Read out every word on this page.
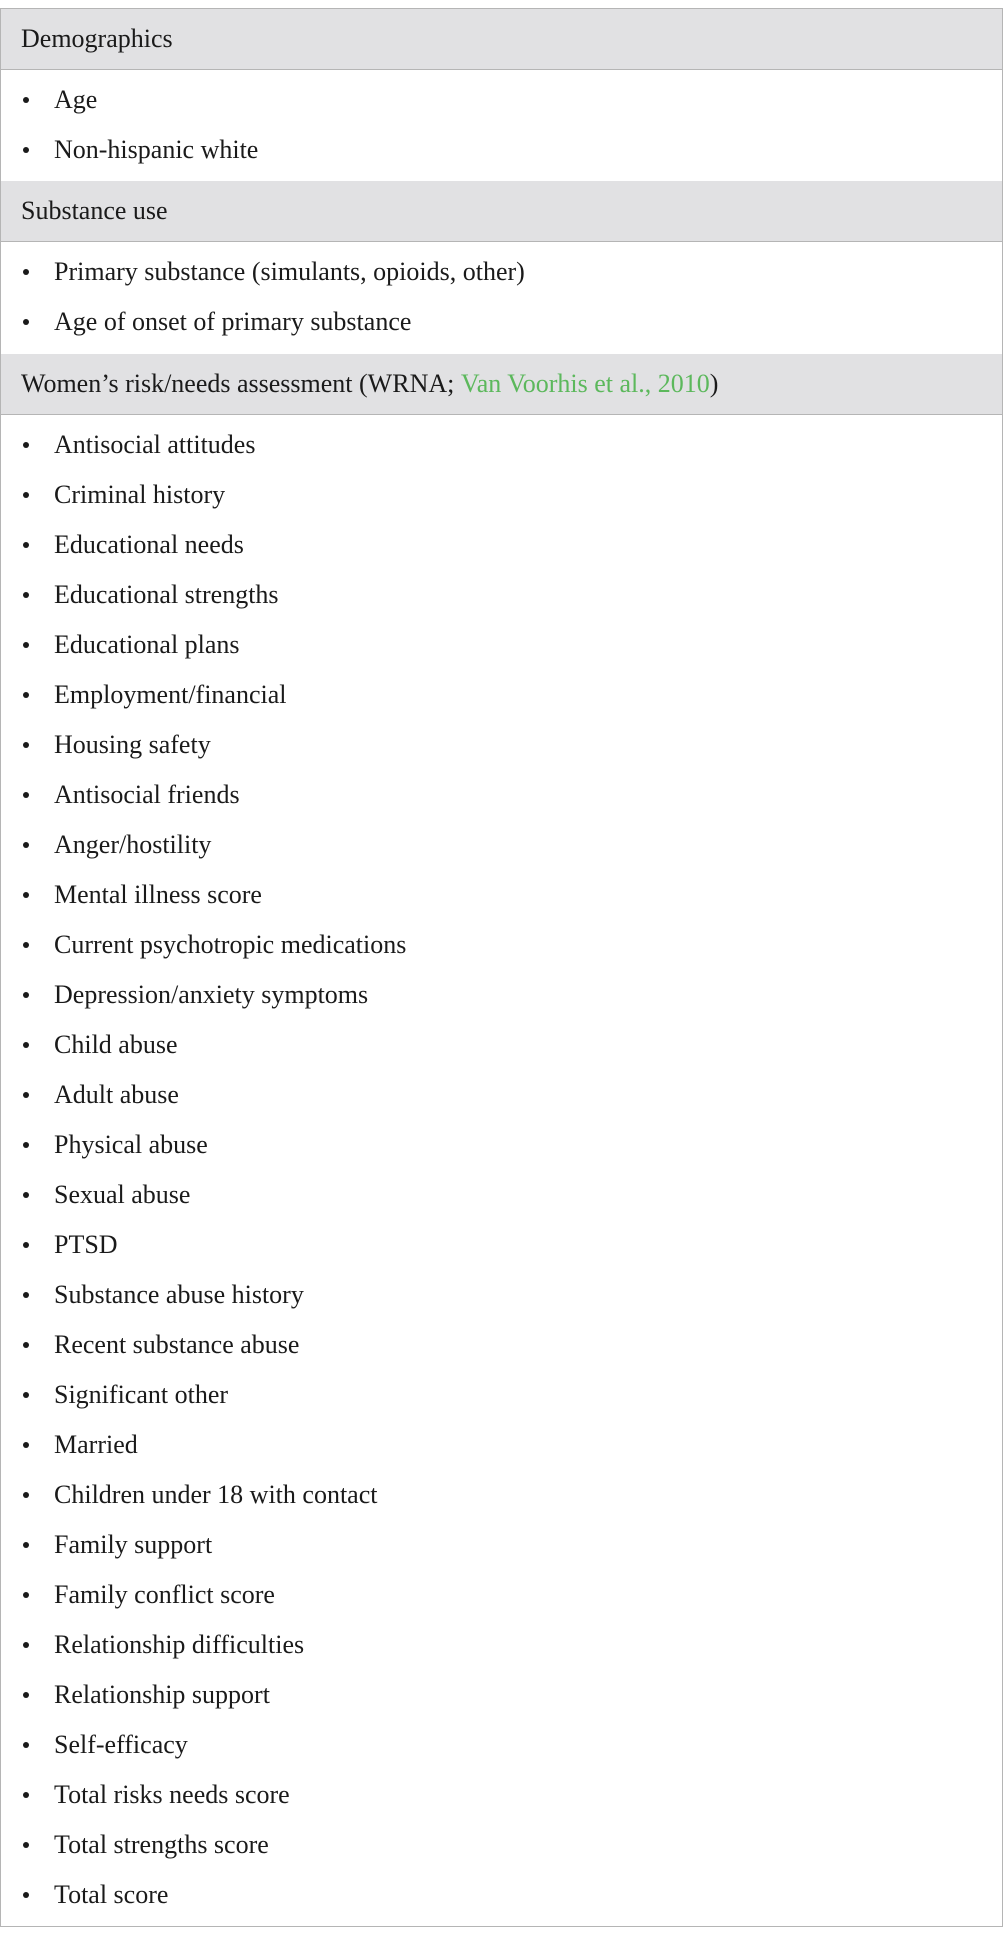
Demographics
Age
Non-hispanic white
Substance use
Primary substance (simulants, opioids, other)
Age of onset of primary substance
Women’s risk/needs assessment (WRNA; Van Voorhis et al., 2010 )
Antisocial attitudes
Criminal history
Educational needs
Educational strengths
Educational plans
Employment/financial
Housing safety
Antisocial friends
Anger/hostility
Mental illness score
Current psychotropic medications
Depression/anxiety symptoms
Child abuse
Adult abuse
Physical abuse
Sexual abuse
PTSD
Substance abuse history
Recent substance abuse
Significant other
Married
Children under 18 with contact
Family support
Family conflict score
Relationship difficulties
Relationship support
Self-efficacy
Total risks needs score
Total strengths score
Total score
